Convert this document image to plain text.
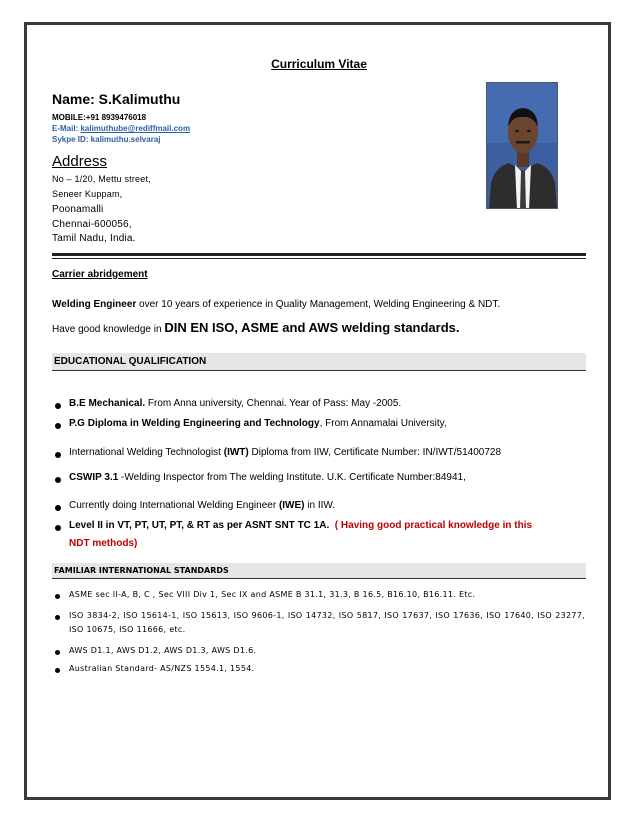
Curriculum Vitae
Name: S.Kalimuthu
MOBILE:+91 8939476018
E-Mail: kalimuthube@rediffmail.com
Sykpe ID: kalimuthu.selvaraj
Address
No – 1/20, Mettu street,
Seneer Kuppam,
Poonamalli
Chennai-600056,
Tamil Nadu, India.
Carrier abridgement
Welding Engineer over 10 years of experience in Quality Management, Welding Engineering & NDT.
Have good knowledge in DIN EN ISO, ASME and AWS welding standards.
EDUCATIONAL QUALIFICATION
B.E Mechanical. From Anna university, Chennai. Year of Pass: May -2005.
P.G Diploma in Welding Engineering and Technology, From Annamalai University,
International Welding Technologist (IWT) Diploma from IIW, Certificate Number: IN/IWT/51400728
CSWIP 3.1 -Welding Inspector from The welding Institute. U.K. Certificate Number:84941,
Currently doing International Welding Engineer (IWE) in IIW.
Level II in VT, PT, UT, PT, & RT as per ASNT SNT TC 1A. ( Having good practical knowledge in this
NDT methods)
FAMILIAR INTERNATIONAL STANDARDS
ASME sec II-A, B, C , Sec VIII Div 1, Sec IX and ASME B 31.1, 31.3, B 16.5, B16.10, B16.11. Etc.
ISO 3834-2, ISO 15614-1, ISO 15613, ISO 9606-1, ISO 14732, ISO 5817, ISO 17637, ISO 17636, ISO 17640, ISO 23277, ISO 10675, ISO 11666, etc.
AWS D1.1, AWS D1.2, AWS D1.3, AWS D1.6.
Australian Standard- AS/NZS 1554.1, 1554.
